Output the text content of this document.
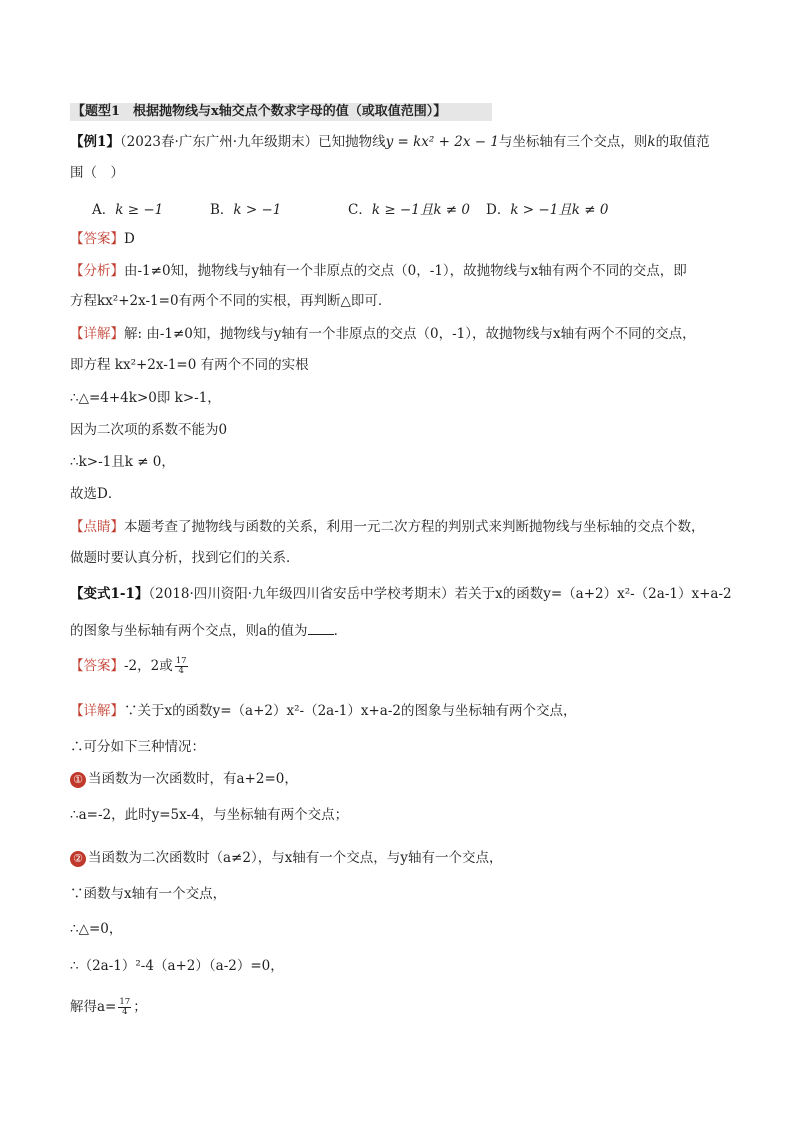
【题型1　根据抛物线与x轴交点个数求字母的值（或取值范围）】
【例1】（2023春·广东广州·九年级期末）已知抛物线y = kx² + 2x − 1与坐标轴有三个交点，则k的取值范
围（　）
A．k ≥ −1	B．k > −1	C．k ≥ −1且k ≠ 0 D．k > −1且k ≠ 0
【答案】D
【分析】由-1≠0知，抛物线与y轴有一个非原点的交点（0，-1），故抛物线与x轴有两个不同的交点，即
方程kx²+2x-1=0有两个不同的实根，再判断△即可．
【详解】解: 由-1≠0知，抛物线与y轴有一个非原点的交点（0，-1），故抛物线与x轴有两个不同的交点，
即方程 kx²+2x-1=0 有两个不同的实根
∴△=4+4k>0即 k>-1，
因为二次项的系数不能为0
∴k>-1且k ≠ 0，
故选D．
【点睛】本题考查了抛物线与函数的关系，利用一元二次方程的判别式来判断抛物线与坐标轴的交点个数，
做题时要认真分析，找到它们的关系．
【变式1-1】（2018·四川资阳·九年级四川省安岳中学校考期末）若关于x的函数y=（a+2）x²-（2a-1）x+a-2
的图象与坐标轴有两个交点，则a的值为 ．
【答案】-2，2或 $\frac{17}{4}$
【详解】∵关于x的函数y=（a+2）x²-（2a-1）x+a-2的图象与坐标轴有两个交点，
∴可分如下三种情况：
① 当函数为一次函数时，有a+2=0，
∴a=-2，此时y=5x-4，与坐标轴有两个交点；
② 当函数为二次函数时（a≠2），与x轴有一个交点，与y轴有一个交点，
∵函数与x轴有一个交点，
∴△=0，
∴（2a-1）²-4（a+2）（a-2）=0，
解得$a= \frac{17}{4}$ ；
